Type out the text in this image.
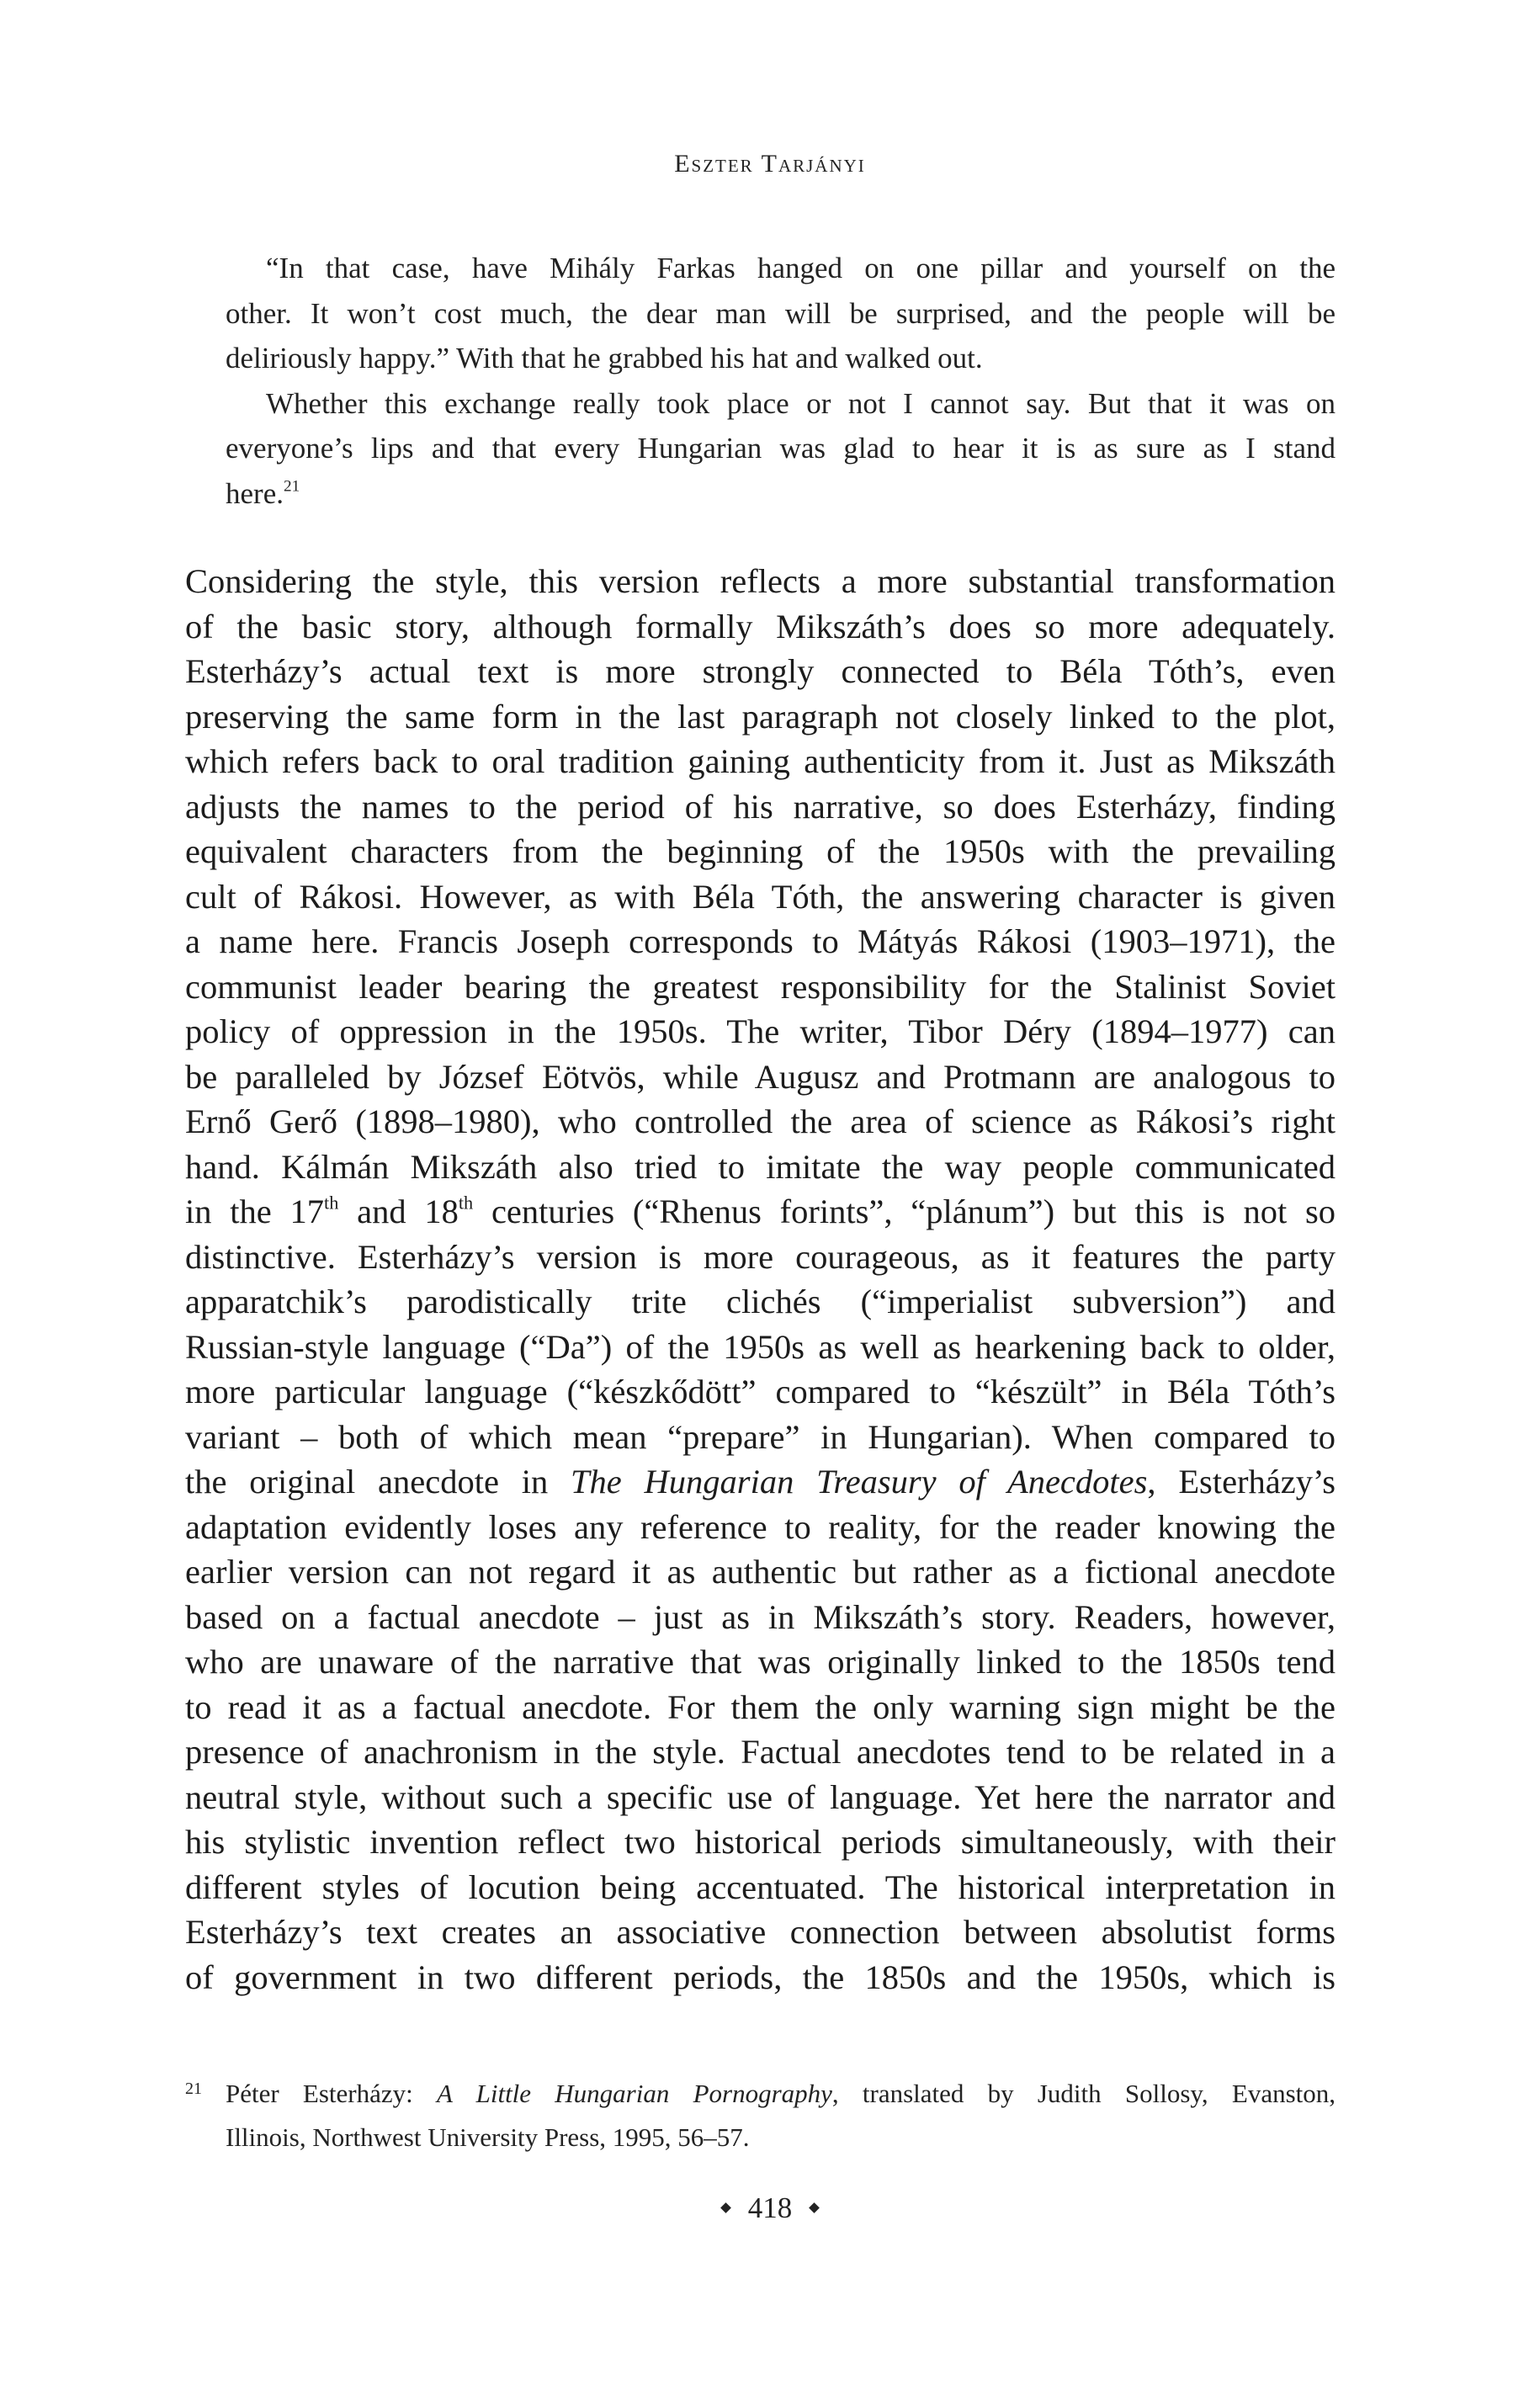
Eszter Tarjányi

“In that case, have Mihály Farkas hanged on one pillar and yourself on the
other. It won’t cost much, the dear man will be surprised, and the people will be
deliriously happy.” With that he grabbed his hat and walked out.

Whether this exchange really took place or not I cannot say. But that it was on
everyone’s lips and that every Hungarian was glad to hear it is as sure as I stand
here.$^{21}$

Considering the style, this version reflects a more substantial transformation
of the basic story, although formally Mikszáth’s does so more adequately.
Esterházy’s actual text is more strongly connected to Béla Tóth’s, even
preserving the same form in the last paragraph not closely linked to the plot,
which refers back to oral tradition gaining authenticity from it. Just as Mikszáth
adjusts the names to the period of his narrative, so does Esterházy, finding
equivalent characters from the beginning of the 1950s with the prevailing
cult of Rákosi. However, as with Béla Tóth, the answering character is given
a name here. Francis Joseph corresponds to Mátyás Rákosi (1903–1971), the
communist leader bearing the greatest responsibility for the Stalinist Soviet
policy of oppression in the 1950s. The writer, Tibor Déry (1894–1977) can
be paralleled by József Eötvös, while Augusz and Protmann are analogous to
Ernő Gerő (1898–1980), who controlled the area of science as Rákosi’s right
hand. Kálmán Mikszáth also tried to imitate the way people communicated
in the 17th and 18th centuries (“Rhenus forints”, “plánum”) but this is not so
distinctive. Esterházy’s version is more courageous, as it features the party
apparatchik’s parodistically trite clichés (“imperialist subversion”) and
Russian-style language (“Da”) of the 1950s as well as hearkening back to older,
more particular language (“készkődött” compared to “készült” in Béla Tóth’s
variant – both of which mean “prepare” in Hungarian). When compared to
the original anecdote in The Hungarian Treasury of Anecdotes, Esterházy’s
adaptation evidently loses any reference to reality, for the reader knowing the
earlier version can not regard it as authentic but rather as a fictional anecdote
based on a factual anecdote – just as in Mikszáth’s story. Readers, however,
who are unaware of the narrative that was originally linked to the 1850s tend
to read it as a factual anecdote. For them the only warning sign might be the
presence of anachronism in the style. Factual anecdotes tend to be related in a
neutral style, without such a specific use of language. Yet here the narrator and
his stylistic invention reflect two historical periods simultaneously, with their
different styles of locution being accentuated. The historical interpretation in
Esterházy’s text creates an associative connection between absolutist forms
of government in two different periods, the 1850s and the 1950s, which is

21 Péter Esterházy: A Little Hungarian Pornography, translated by Judith Sollosy, Evanston,
Illinois, Northwest University Press, 1995, 56–57.
418
